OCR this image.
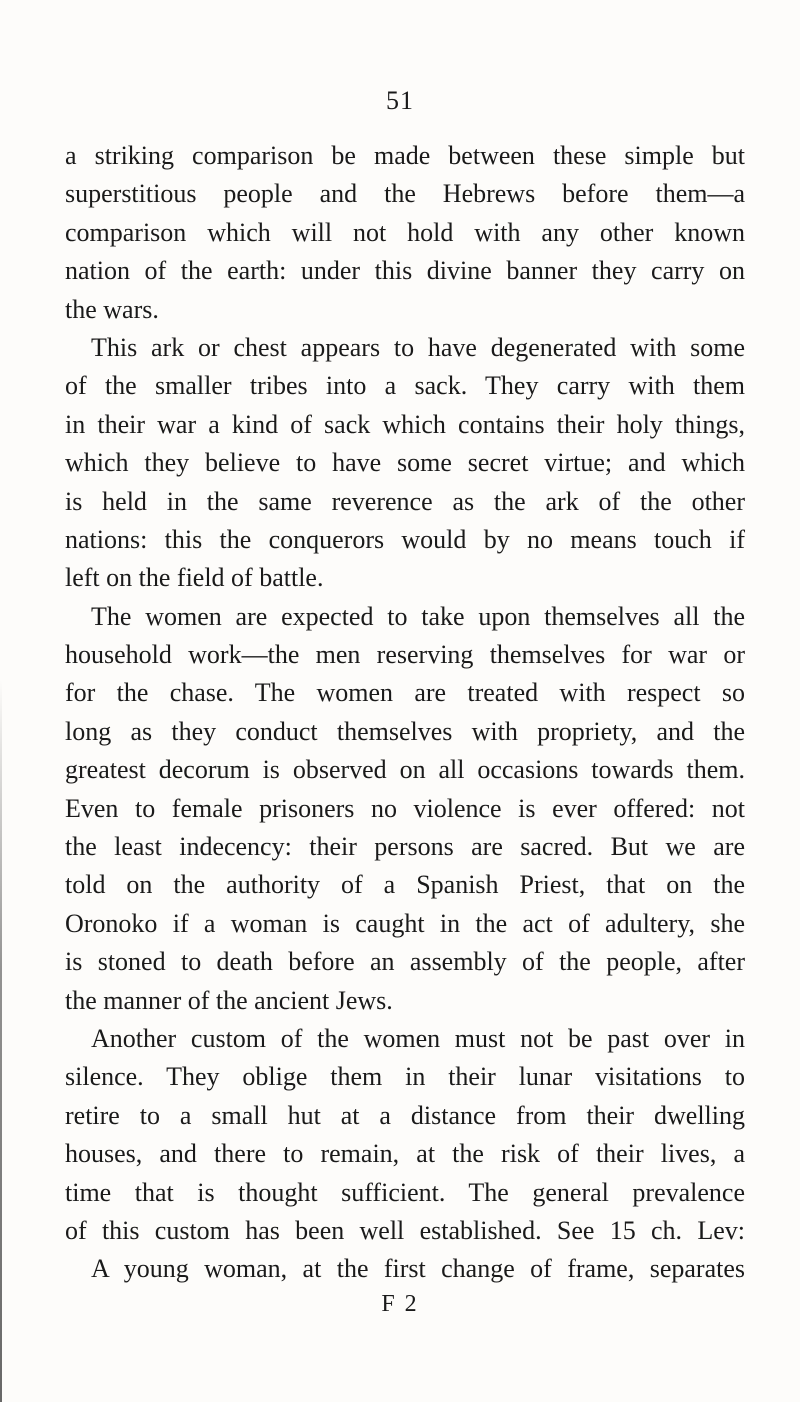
51
a striking comparison be made between these simple but
superstitious people and the Hebrews before them—a
comparison which will not hold with any other known
nation of the earth: under this divine banner they carry on
the wars.
This ark or chest appears to have degenerated with some
of the smaller tribes into a sack. They carry with them
in their war a kind of sack which contains their holy things,
which they believe to have some secret virtue; and which
is held in the same reverence as the ark of the other
nations: this the conquerors would by no means touch if
left on the field of battle.
The women are expected to take upon themselves all the
household work—the men reserving themselves for war or
for the chase. The women are treated with respect so
long as they conduct themselves with propriety, and the
greatest decorum is observed on all occasions towards them.
Even to female prisoners no violence is ever offered: not
the least indecency: their persons are sacred. But we are
told on the authority of a Spanish Priest, that on the
Oronoko if a woman is caught in the act of adultery, she
is stoned to death before an assembly of the people, after
the manner of the ancient Jews.
Another custom of the women must not be past over in
silence. They oblige them in their lunar visitations to
retire to a small hut at a distance from their dwelling
houses, and there to remain, at the risk of their lives, a
time that is thought sufficient. The general prevalence
of this custom has been well established. See 15 ch. Lev:
A young woman, at the first change of frame, separates
F 2
